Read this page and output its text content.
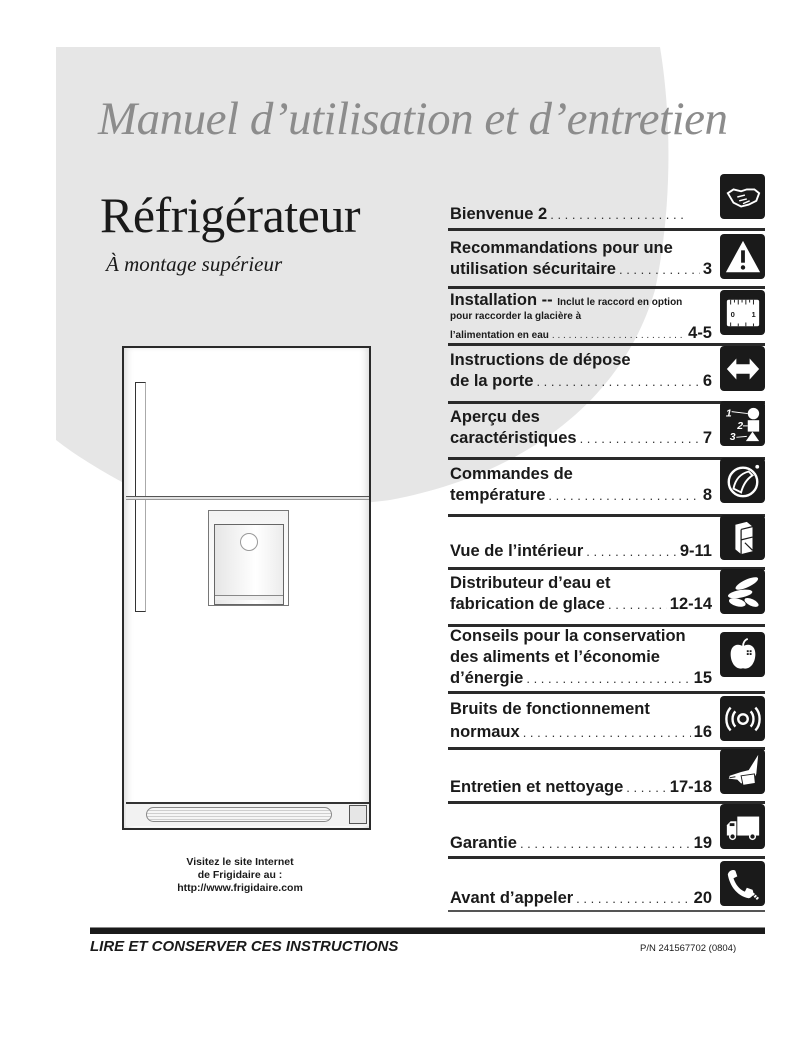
Manuel d’utilisation et d’entretien
Réfrigérateur
À montage supérieur
Visitez le site Internet
de Frigidaire au :
http://www.frigidaire.com
Bienvenue 2
. . .
Recommandations pour une
utilisation sécuritaire . . .	3
Installation -- Inclut le raccord en option
pour raccorder la glacière à
l’alimentation en eau . . .	4-5
0 1
Instructions de dépose
de la porte . . .	6
Aperçu des
caractéristiques . . .	7
1
2
3
Commandes de
température . . .	8
Vue de l’intérieur . . .	9-11
Distributeur d’eau et
fabrication de glace . . .	12-14
Conseils pour la conservation
des aliments et l’économie
d’énergie . . .	15
Bruits de fonctionnement
normaux . . .	16
Entretien et nettoyage . . .	17-18
Garantie . . .	19
Avant d’appeler . . .	20
LIRE ET CONSERVER CES INSTRUCTIONS	P/N 241567702 (0804)
